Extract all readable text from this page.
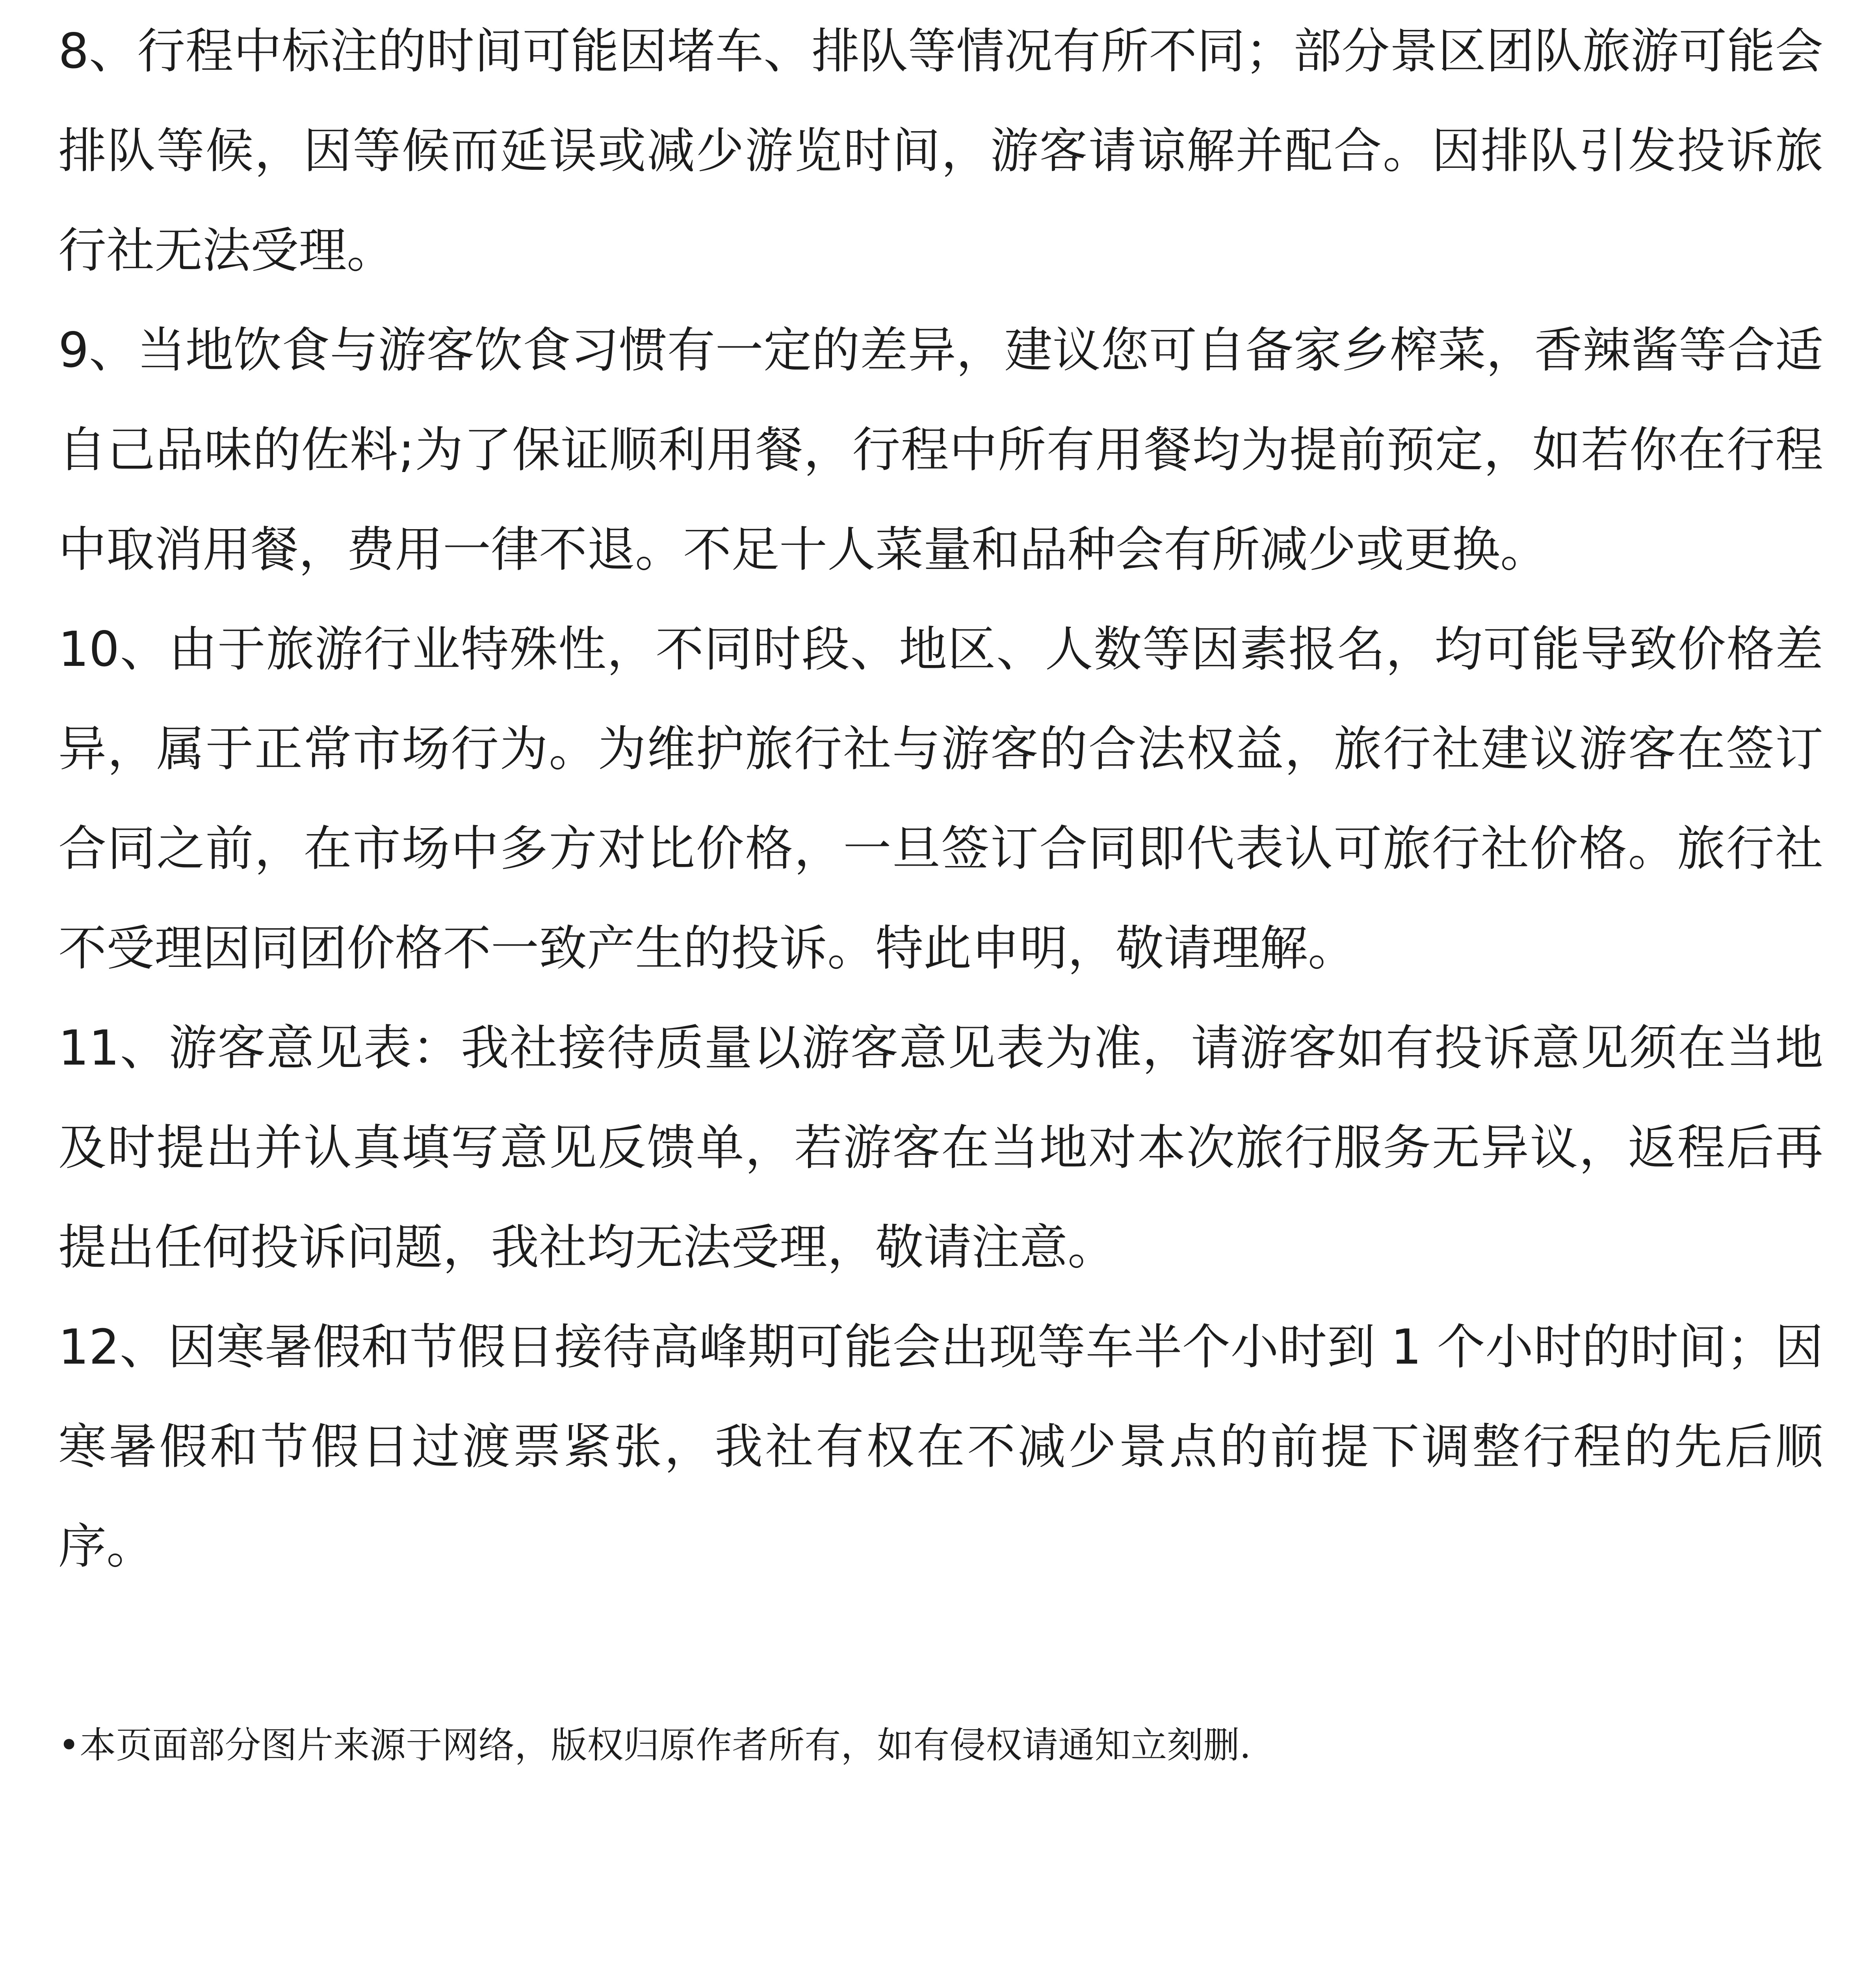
8、行程中标注的时间可能因堵车、排队等情况有所不同；部分景区团队旅游可能会排队等候，因等候而延误或减少游览时间，游客请谅解并配合。因排队引发投诉旅行社无法受理。

9、当地饮食与游客饮食习惯有一定的差异，建议您可自备家乡榨菜，香辣酱等合适自己品味的佐料;为了保证顺利用餐，行程中所有用餐均为提前预定，如若你在行程中取消用餐，费用一律不退。不足十人菜量和品种会有所减少或更换。

10、由于旅游行业特殊性，不同时段、地区、人数等因素报名，均可能导致价格差异，属于正常市场行为。为维护旅行社与游客的合法权益，旅行社建议游客在签订合同之前，在市场中多方对比价格，一旦签订合同即代表认可旅行社价格。旅行社不受理因同团价格不一致产生的投诉。特此申明，敬请理解。

11、游客意见表：我社接待质量以游客意见表为准，请游客如有投诉意见须在当地及时提出并认真填写意见反馈单，若游客在当地对本次旅行服务无异议，返程后再提出任何投诉问题，我社均无法受理，敬请注意。

12、因寒暑假和节假日接待高峰期可能会出现等车半个小时到 1 个小时的时间；因寒暑假和节假日过渡票紧张，我社有权在不减少景点的前提下调整行程的先后顺序。

•本页面部分图片来源于网络，版权归原作者所有，如有侵权请通知立刻删.
